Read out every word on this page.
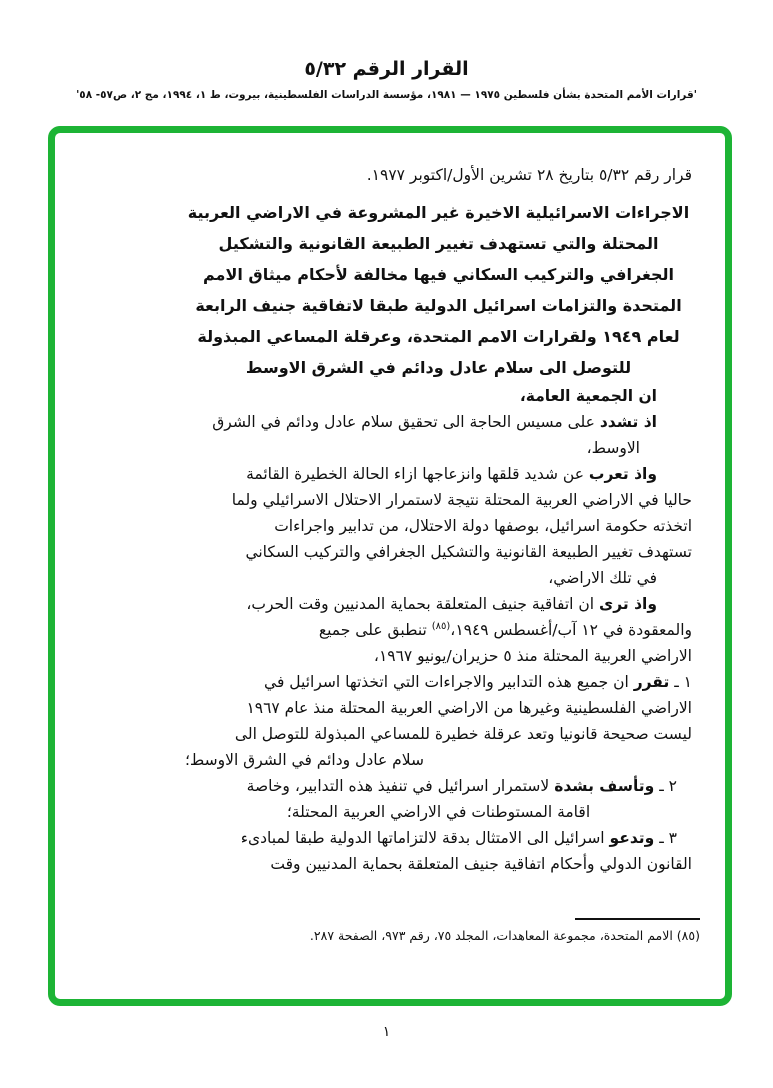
القرار الرقم ٥/٣٢
'قرارات الأمم المتحدة بشأن فلسطين ١٩٧٥ — ١٩٨١، مؤسسة الدراسات الفلسطينية، بيروت، ط ١، ١٩٩٤، مج ٢، ص٥٧- ٥٨'
قرار رقم ٥/٣٢ بتاريخ ٢٨ تشرين الأول/اكتوبر ١٩٧٧.
الاجراءات الاسرائيلية الاخيرة غير المشروعة في الاراضي العربية
المحتلة والتي تستهدف تغيير الطبيعة القانونية والتشكيل
الجغرافي والتركيب السكاني فيها مخالفة لأحكام ميثاق الامم
المتحدة والتزامات اسرائيل الدولية طبقا لاتفاقية جنيف الرابعة
لعام ١٩٤٩ ولقرارات الامم المتحدة، وعرقلة المساعي المبذولة
للتوصل الى سلام عادل ودائم في الشرق الاوسط
ان الجمعية العامة،
اذ تشدد على مسيس الحاجة الى تحقيق سلام عادل ودائم في الشرق
الاوسط،
واذ تعرب عن شديد قلقها وانزعاجها ازاء الحالة الخطيرة القائمة
حاليا في الاراضي العربية المحتلة نتيجة لاستمرار الاحتلال الاسرائيلي ولما
اتخذته حكومة اسرائيل، بوصفها دولة الاحتلال، من تدابير واجراءات
تستهدف تغيير الطبيعة القانونية والتشكيل الجغرافي والتركيب السكاني
في تلك الاراضي،
واذ ترى ان اتفاقية جنيف المتعلقة بحماية المدنيين وقت الحرب،
والمعقودة في ١٢ آب/أغسطس ١٩٤٩،$^{(٨٥)}$ تنطبق على جميع
الاراضي العربية المحتلة منذ ٥ حزيران/يونيو ١٩٦٧،
١ ـ تقرر ان جميع هذه التدابير والاجراءات التي اتخذتها اسرائيل في
الاراضي الفلسطينية وغيرها من الاراضي العربية المحتلة منذ عام ١٩٦٧
ليست صحيحة قانونيا وتعد عرقلة خطيرة للمساعي المبذولة للتوصل الى
سلام عادل ودائم في الشرق الاوسط؛
٢ ـ وتأسف بشدة لاستمرار اسرائيل في تنفيذ هذه التدابير، وخاصة
اقامة المستوطنات في الاراضي العربية المحتلة؛
٣ ـ وتدعو اسرائيل الى الامتثال بدقة لالتزاماتها الدولية طبقا لمبادىء
القانون الدولي وأحكام اتفاقية جنيف المتعلقة بحماية المدنيين وقت
(٨٥) الامم المتحدة، مجموعة المعاهدات، المجلد ٧٥، رقم ٩٧٣، الصفحة ٢٨٧.
١
